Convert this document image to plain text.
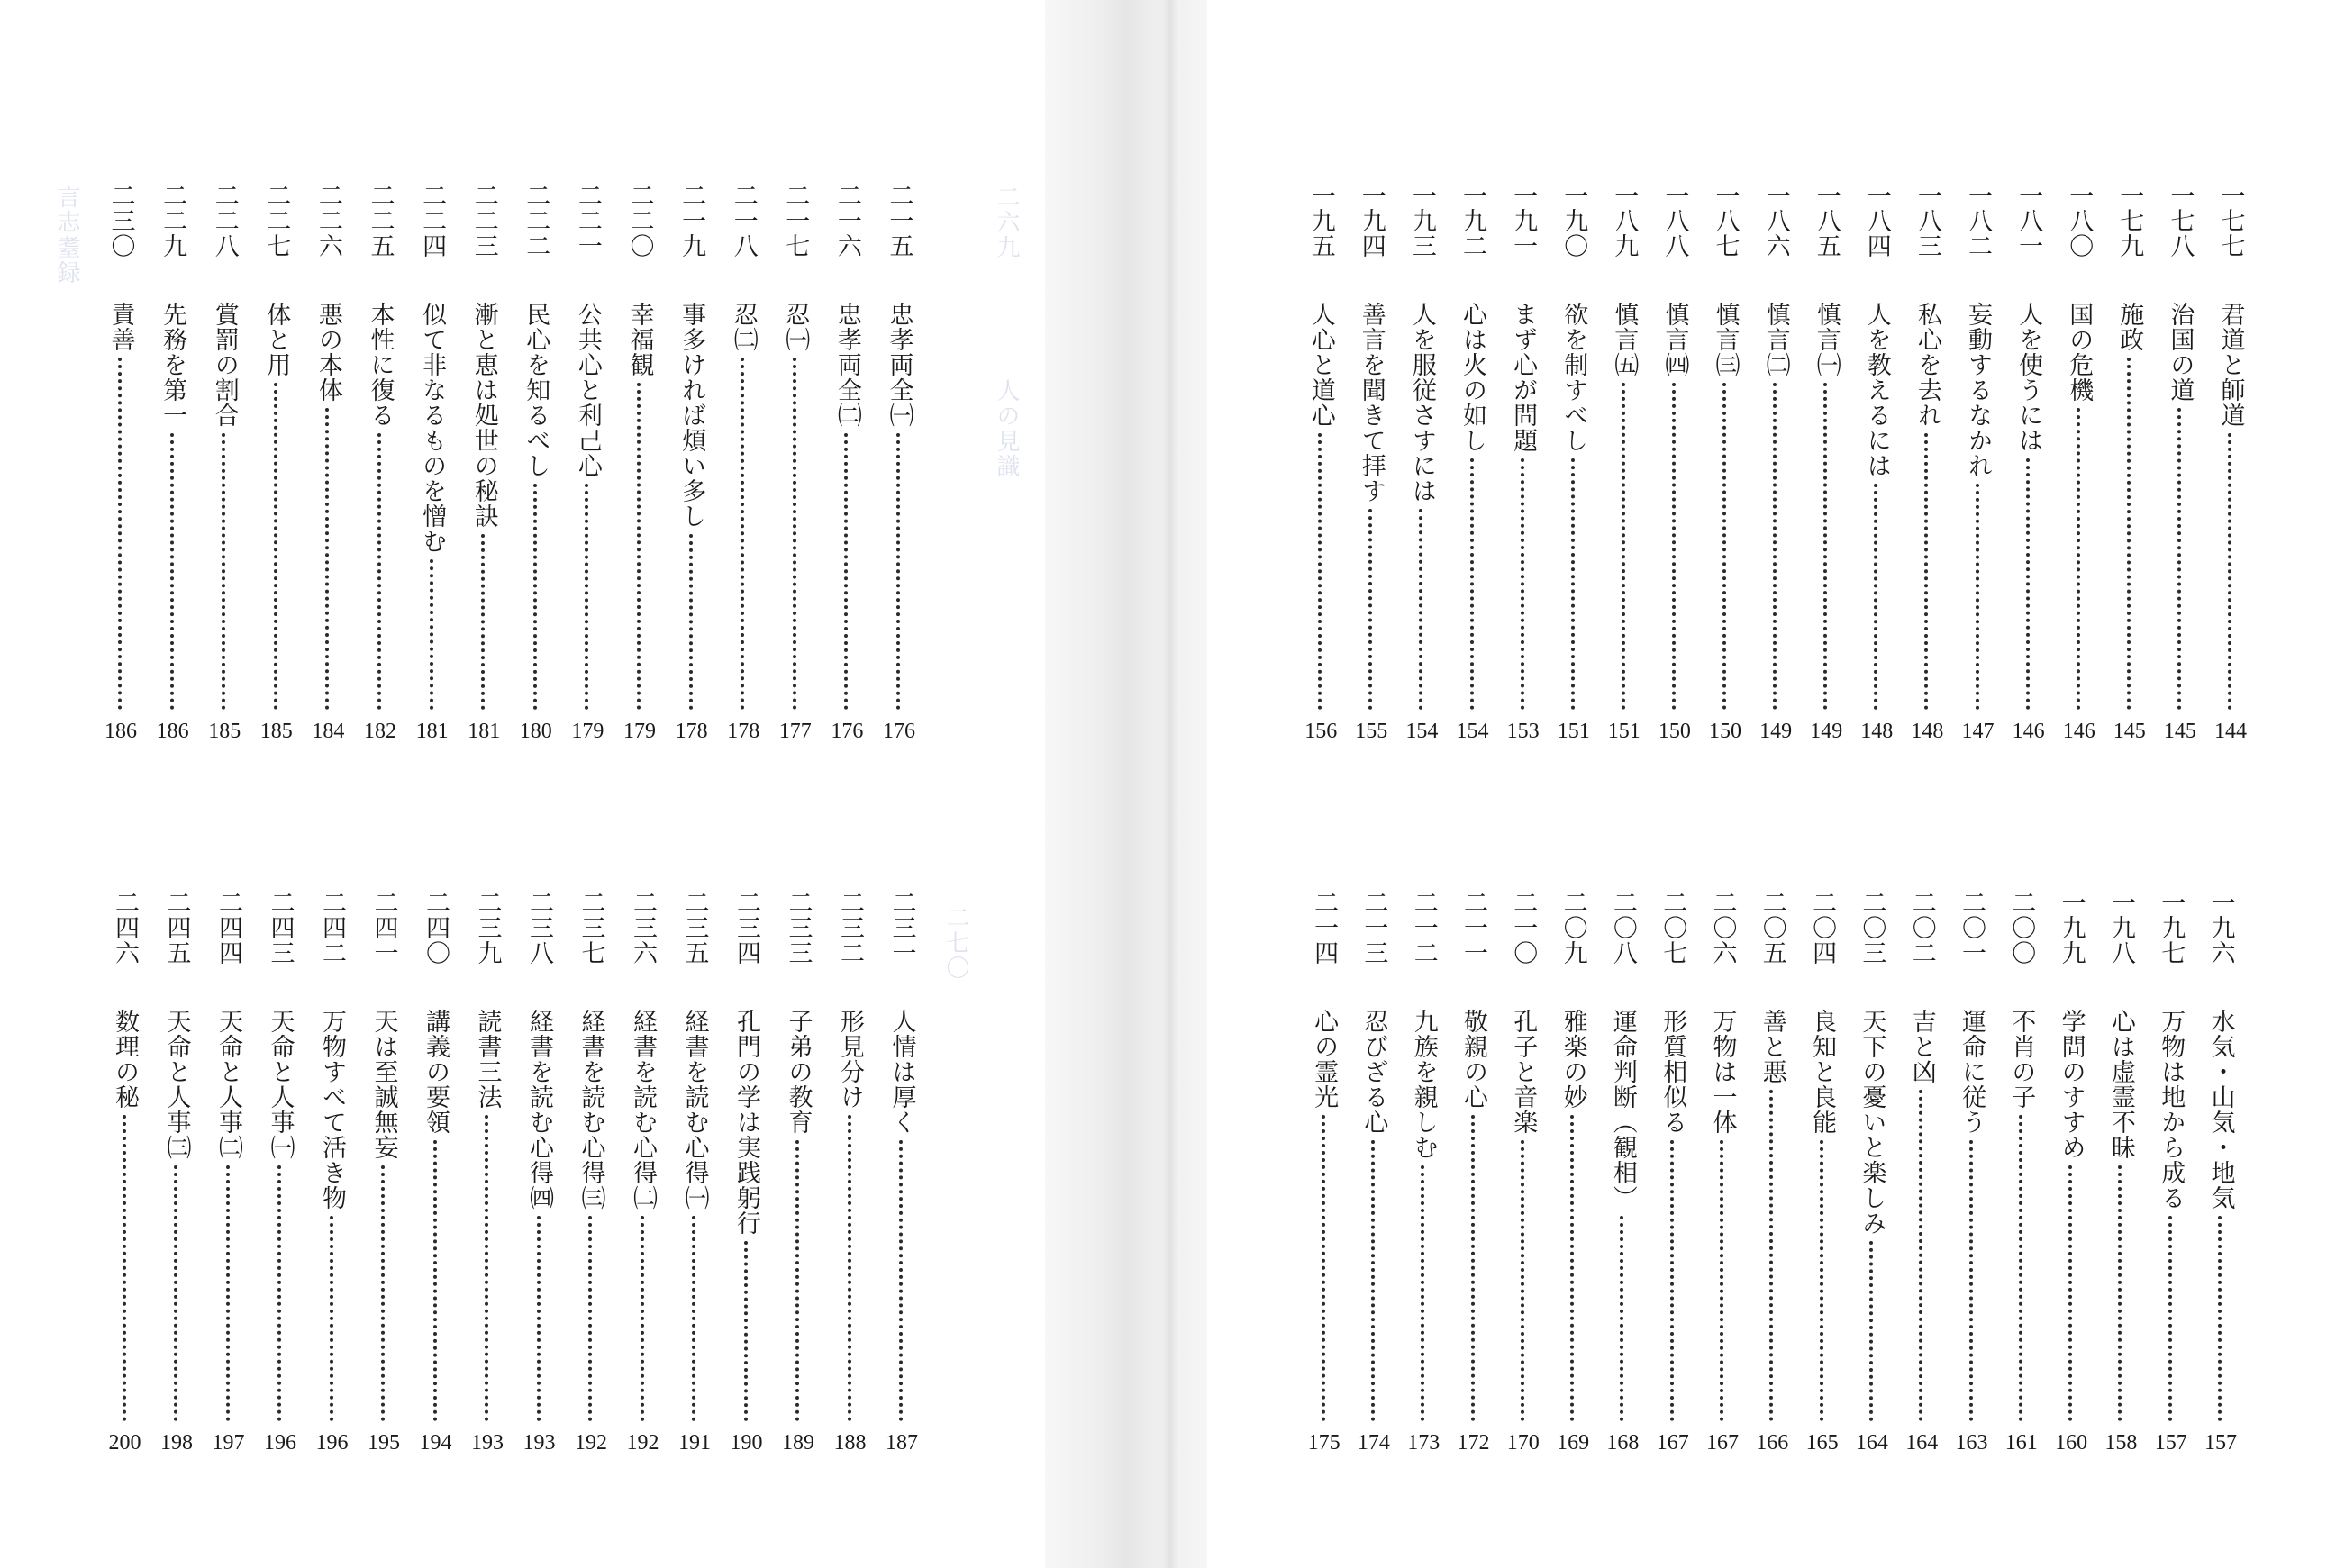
一七七
君道と師道
144
一七八
治国の道
145
一七九
施政
145
一八〇
国の危機
146
一八一
人を使うには
146
一八二
妄動するなかれ
147
一八三
私心を去れ
148
一八四
人を教えるには
148
一八五
慎言㈠
149
一八六
慎言㈡
149
一八七
慎言㈢
150
一八八
慎言㈣
150
一八九
慎言㈤
151
一九〇
欲を制すべし
151
一九一
まず心が問題
153
一九二
心は火の如し
154
一九三
人を服従さすには
154
一九四
善言を聞きて拝す
155
一九五
人心と道心
156
一九六
水気・山気・地気
157
一九七
万物は地から成る
157
一九八
心は虚霊不昧
158
一九九
学問のすすめ
160
二〇〇
不肖の子
161
二〇一
運命に従う
163
二〇二
吉と凶
164
二〇三
天下の憂いと楽しみ
164
二〇四
良知と良能
165
二〇五
善と悪
166
二〇六
万物は一体
167
二〇七
形質相似る
167
二〇八
運命判断（観相）
168
二〇九
雅楽の妙
169
二一〇
孔子と音楽
170
二一一
敬親の心
172
二一二
九族を親しむ
173
二一三
忍びざる心
174
二一四
心の霊光
175
言志耋録	二六九
人の見識
二七〇
二一五
忠孝両全㈠
176
二一六
忠孝両全㈡
176
二一七
忍㈠
177
二一八
忍㈡
178
二一九
事多ければ煩い多し
178
二二〇
幸福観
179
二二一
公共心と利己心
179
二二二
民心を知るべし
180
二二三
漸と恵は処世の秘訣
181
二二四
似て非なるものを憎む
181
二二五
本性に復る
182
二二六
悪の本体
184
二二七
体と用
185
二二八
賞罰の割合
185
二二九
先務を第一
186
二三〇
責善
186
二三一
人情は厚く
187
二三二
形見分け
188
二三三
子弟の教育
189
二三四
孔門の学は実践躬行
190
二三五
経書を読む心得㈠
191
二三六
経書を読む心得㈡
192
二三七
経書を読む心得㈢
192
二三八
経書を読む心得㈣
193
二三九
読書三法
193
二四〇
講義の要領
194
二四一
天は至誠無妄
195
二四二
万物すべて活き物
196
二四三
天命と人事㈠
196
二四四
天命と人事㈡
197
二四五
天命と人事㈢
198
二四六
数理の秘
200
